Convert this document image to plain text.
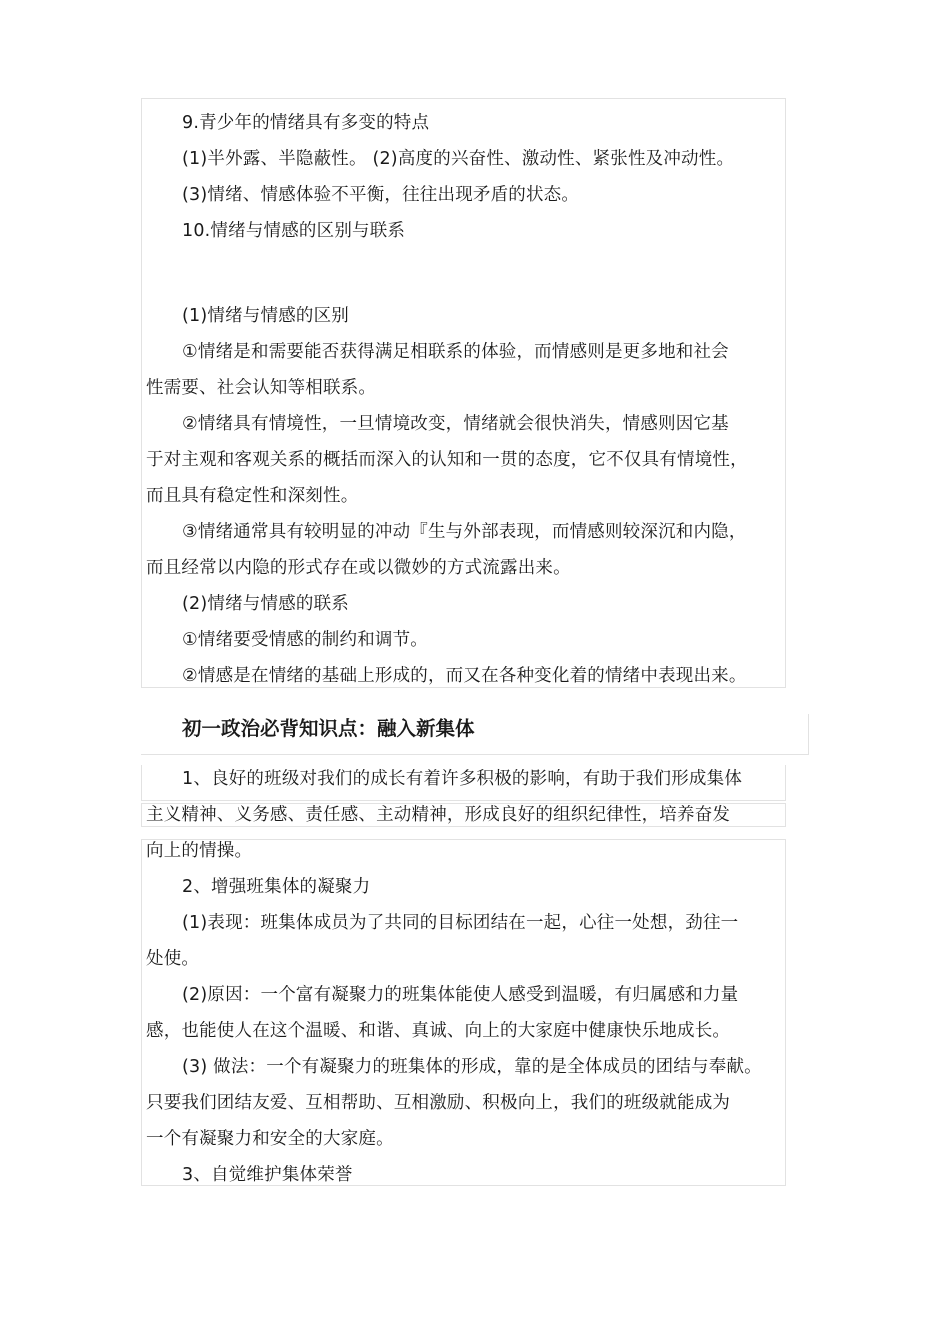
9.青少年的情绪具有多变的特点
(1)半外露、半隐蔽性。 (2)高度的兴奋性、激动性、紧张性及冲动性。
(3)情绪、情感体验不平衡，往往出现矛盾的状态。
10.情绪与情感的区别与联系
(1)情绪与情感的区别
①情绪是和需要能否获得满足相联系的体验，而情感则是更多地和社会
性需要、社会认知等相联系。
②情绪具有情境性，一旦情境改变，情绪就会很快消失，情感则因它基
于对主观和客观关系的概括而深入的认知和一贯的态度，它不仅具有情境性，
而且具有稳定性和深刻性。
③情绪通常具有较明显的冲动『生与外部表现，而情感则较深沉和内隐，
而且经常以内隐的形式存在或以微妙的方式流露出来。
(2)情绪与情感的联系
①情绪要受情感的制约和调节。
②情感是在情绪的基础上形成的，而又在各种变化着的情绪中表现出来。
初一政治必背知识点：融入新集体
1、良好的班级对我们的成长有着许多积极的影响，有助于我们形成集体
主义精神、义务感、责任感、主动精神，形成良好的组织纪律性，培养奋发
向上的情操。
2、增强班集体的凝聚力
(1)表现：班集体成员为了共同的目标团结在一起，心往一处想，劲往一
处使。
(2)原因：一个富有凝聚力的班集体能使人感受到温暖，有归属感和力量
感，也能使人在这个温暖、和谐、真诚、向上的大家庭中健康快乐地成长。
(3) 做法：一个有凝聚力的班集体的形成，靠的是全体成员的团结与奉献。
只要我们团结友爱、互相帮助、互相激励、积极向上，我们的班级就能成为
一个有凝聚力和安全的大家庭。
3、自觉维护集体荣誉
